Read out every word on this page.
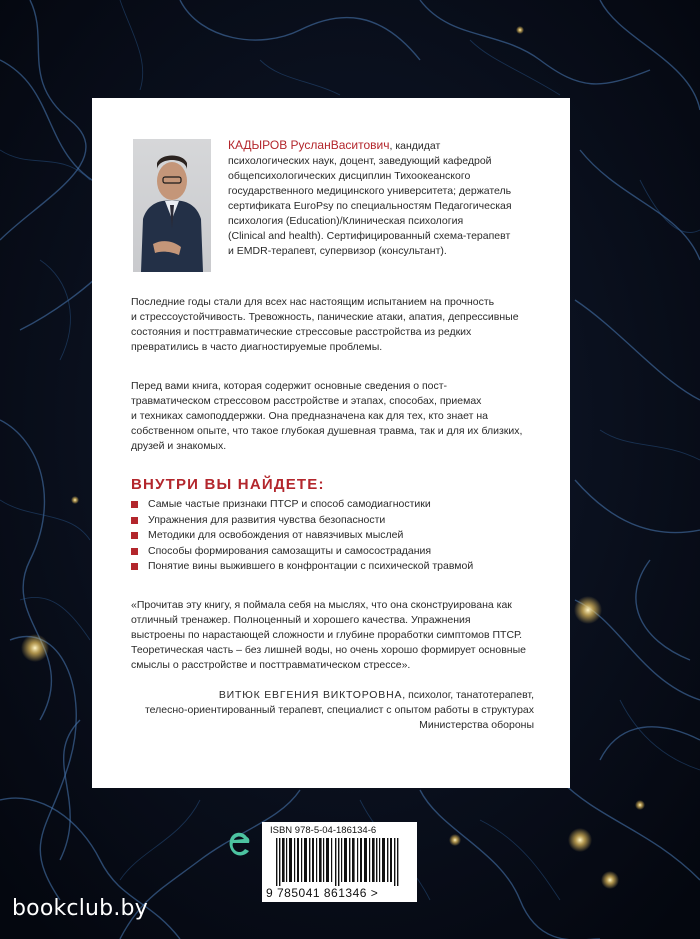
КАДЫРОВ РусланВаситович, кандидат
психологических наук, доцент, заведующий кафедрой
общепсихологических дисциплин Тихоокеанского
государственного медицинского университета; держатель
сертификата EuroPsy по специальностям Педагогическая
психология (Education)/Клиническая психология
(Clinical and health). Сертифицированный схема-терапевт
и EMDR-терапевт, супервизор (консультант).

Последние годы стали для всех нас настоящим испытанием на прочность
и стрессоустойчивость. Тревожность, панические атаки, апатия, депрессивные
состояния и посттравматические стрессовые расстройства из редких
превратились в часто диагностируемые проблемы.

Перед вами книга, которая содержит основные сведения о пост-
травматическом стрессовом расстройстве и этапах, способах, приемах
и техниках самоподдержки. Она предназначена как для тех, кто знает на
собственном опыте, что такое глубокая душевная травма, так и для их близких,
друзей и знакомых.

ВНУТРИ ВЫ НАЙДЕТЕ:
Самые частые признаки ПТСР и способ самодиагностики
Упражнения для развития чувства безопасности
Методики для освобождения от навязчивых мыслей
Способы формирования самозащиты и самосострадания
Понятие вины выжившего в конфронтации с психической травмой

«Прочитав эту книгу, я поймала себя на мыслях, что она сконструирована как
отличный тренажер. Полноценный и хорошего качества. Упражнения
выстроены по нарастающей сложности и глубине проработки симптомов ПТСР.
Теоретическая часть – без лишней воды, но очень хорошо формирует основные
смыслы о расстройстве и посттравматическом стрессе».

ВИТЮК ЕВГЕНИЯ ВИКТОРОВНА, психолог, танатотерапевт,
телесно-ориентированный терапевт, специалист с опытом работы в структурах
Министерства обороны

ISBN 978-5-04-186134-6
9 785041 861346 >
bookclub.by
